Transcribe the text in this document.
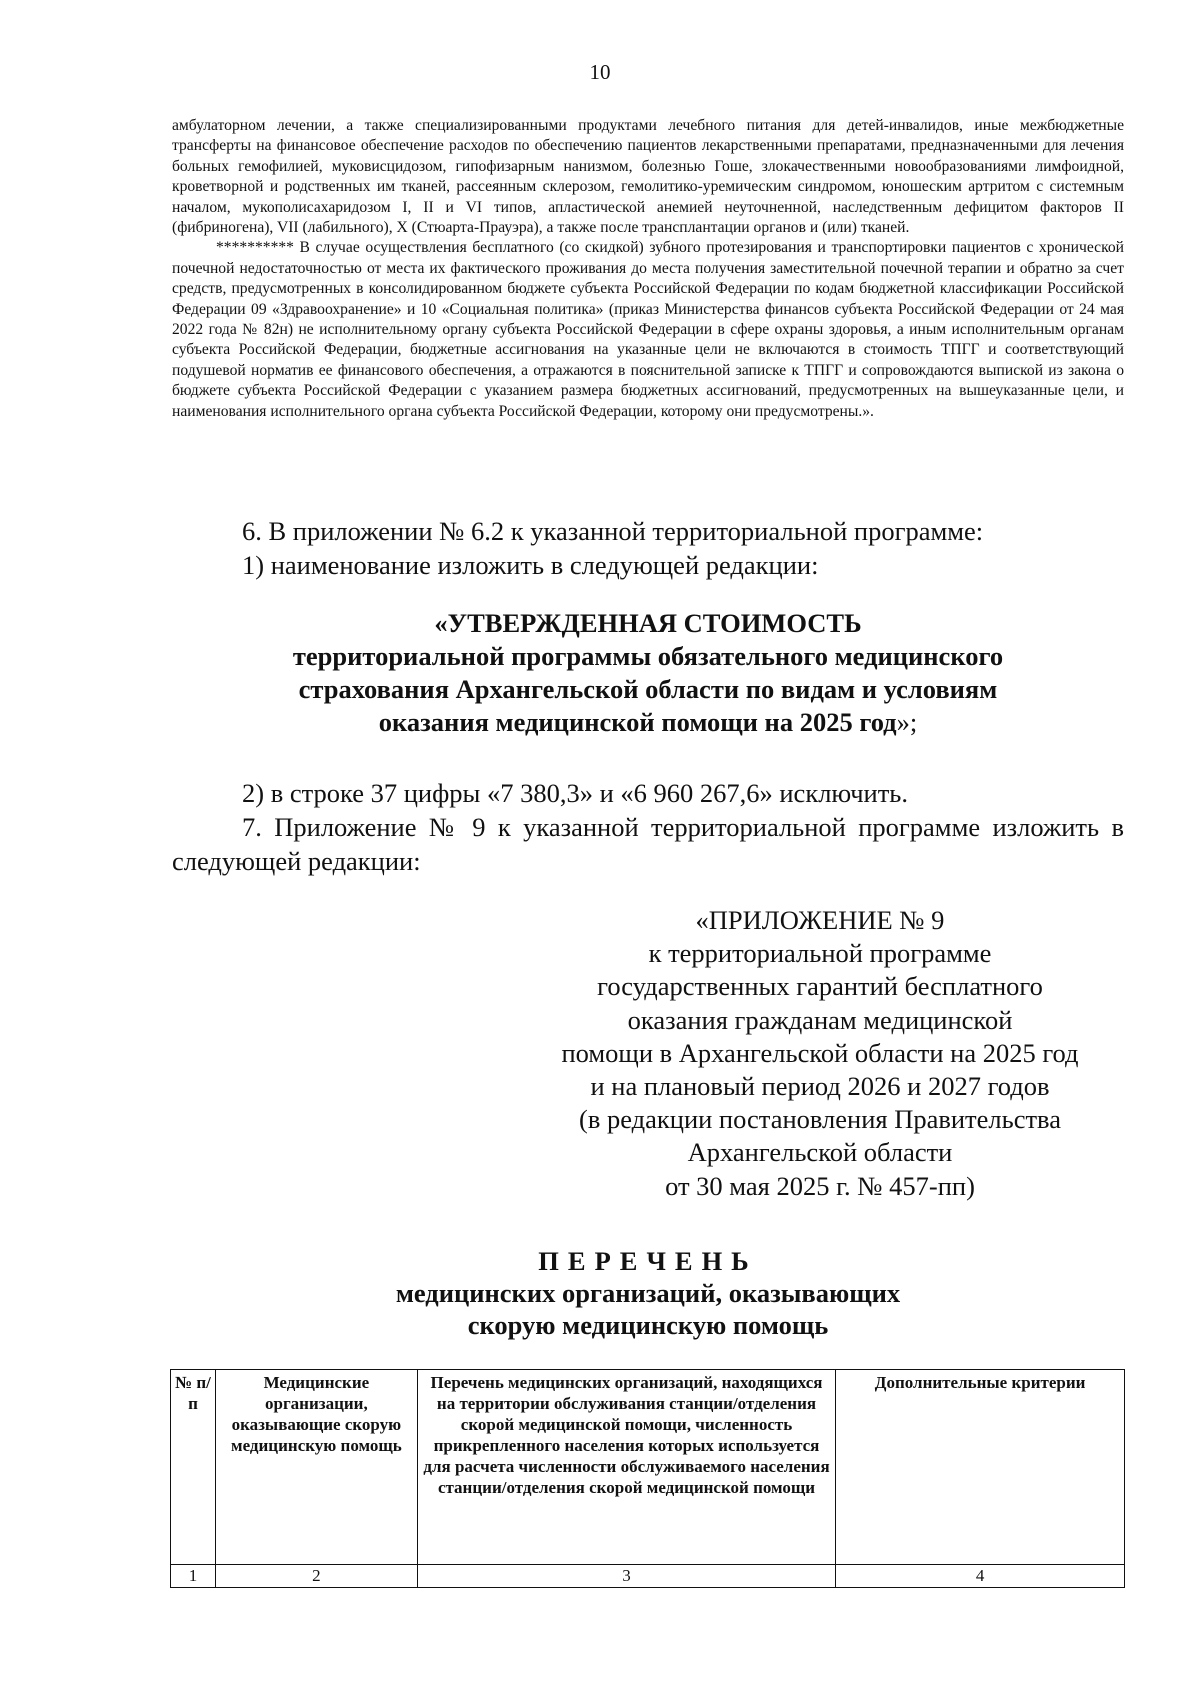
10

амбулаторном лечении, а также специализированными продуктами лечебного питания для детей-инвалидов, иные межбюджетные трансферты на финансовое обеспечение расходов по обеспечению пациентов лекарственными препаратами, предназначенными для лечения больных гемофилией, муковисцидозом, гипофизарным нанизмом, болезнью Гоше, злокачественными новообразованиями лимфоидной, кроветворной и родственных им тканей, рассеянным склерозом, гемолитико-уремическим синдромом, юношеским артритом с системным началом, мукополисахаридозом I, II и VI типов, апластической анемией неуточненной, наследственным дефицитом факторов II (фибриногена), VII (лабильного), X (Стюарта-Прауэра), а также после трансплантации органов и (или) тканей.

********** В случае осуществления бесплатного (со скидкой) зубного протезирования и транспортировки пациентов с хронической почечной недостаточностью от места их фактического проживания до места получения заместительной почечной терапии и обратно за счет средств, предусмотренных в консолидированном бюджете субъекта Российской Федерации по кодам бюджетной классификации Российской Федерации 09 «Здравоохранение» и 10 «Социальная политика» (приказ Министерства финансов субъекта Российской Федерации от 24 мая 2022 года № 82н) не исполнительному органу субъекта Российской Федерации в сфере охраны здоровья, а иным исполнительным органам субъекта Российской Федерации, бюджетные ассигнования на указанные цели не включаются в стоимость ТПГГ и соответствующий подушевой норматив ее финансового обеспечения, а отражаются в пояснительной записке к ТПГГ и сопровождаются выпиской из закона о бюджете субъекта Российской Федерации с указанием размера бюджетных ассигнований, предусмотренных на вышеуказанные цели, и наименования исполнительного органа субъекта Российской Федерации, которому они предусмотрены.».

6. В приложении № 6.2 к указанной территориальной программе:

1) наименование изложить в следующей редакции:

«УТВЕРЖДЕННАЯ СТОИМОСТЬ
территориальной программы обязательного медицинского
страхования Архангельской области по видам и условиям
оказания медицинской помощи на 2025 год»;

2) в строке 37 цифры «7 380,3» и «6 960 267,6» исключить.

7. Приложение № 9 к указанной территориальной программе изложить в следующей редакции:

«ПРИЛОЖЕНИЕ № 9
к территориальной программе
государственных гарантий бесплатного
оказания гражданам медицинской
помощи в Архангельской области на 2025 год
и на плановый период 2026 и 2027 годов
(в редакции постановления Правительства
Архангельской области
от 30 мая 2025 г. № 457-пп)
ПЕРЕЧЕНЬ
медицинских организаций, оказывающих
скорую медицинскую помощь
№ п/п	Медицинские организации, оказывающие скорую медицинскую помощь	Перечень медицинских организаций, находящихся на территории обслуживания станции/отделения скорой медицинской помощи, численность прикрепленного населения которых используется для расчета численности обслуживаемого населения станции/отделения скорой медицинской помощи	Дополнительные критерии
1	2	3	4
